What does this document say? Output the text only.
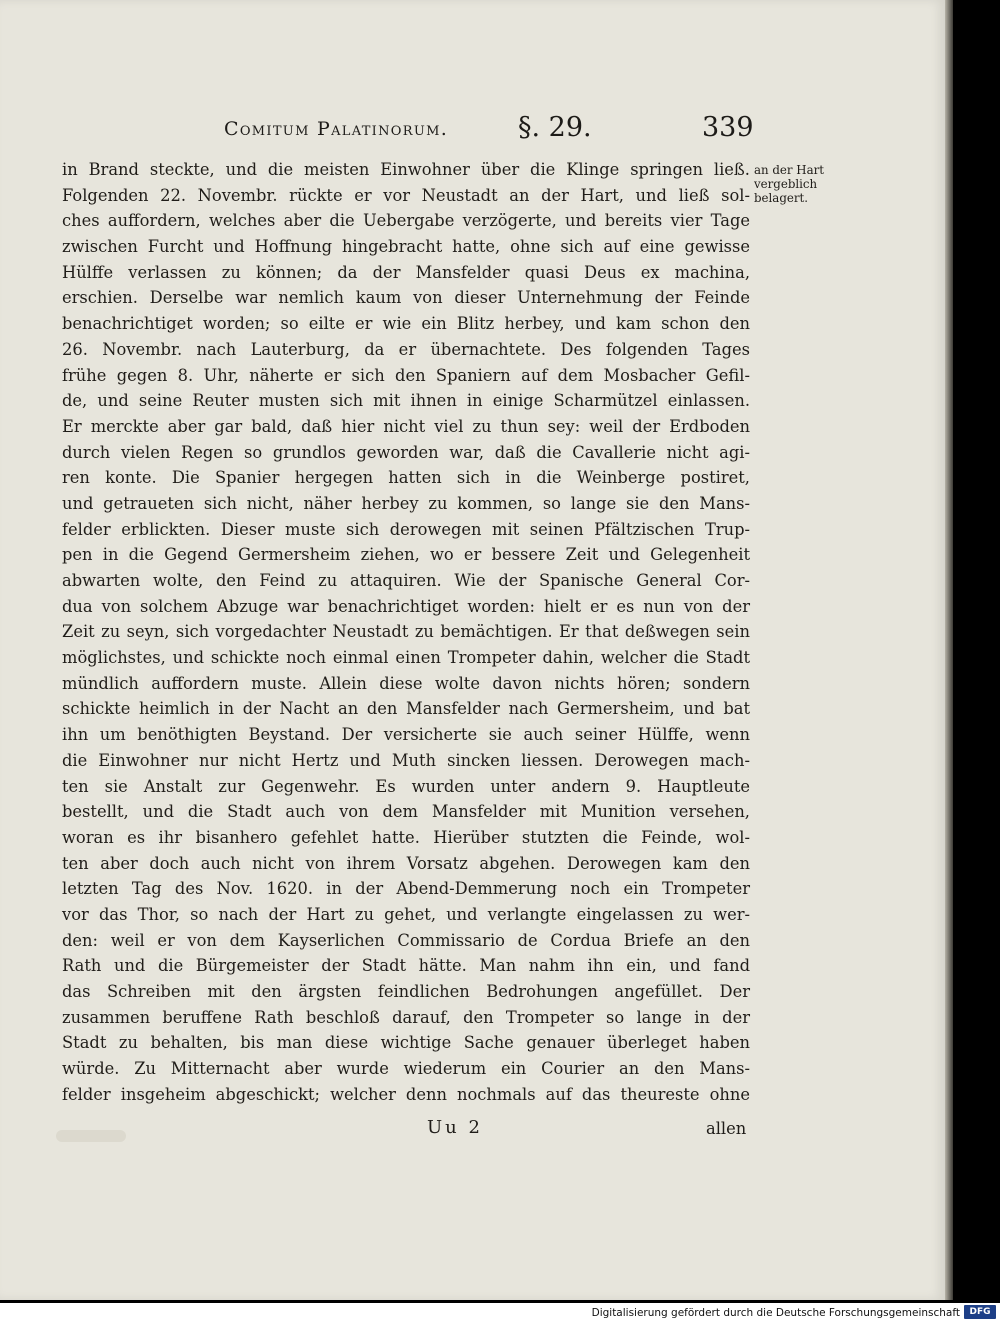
Comitum Palatinorum.	§. 29.	339
in Brand steckte, und die meisten Einwohner über die Klinge springen ließ.
Folgenden 22. Novembr. rückte er vor Neustadt an der Hart, und ließ sol-
ches auffordern, welches aber die Uebergabe verzögerte, und bereits vier Tage
zwischen Furcht und Hoffnung hingebracht hatte, ohne sich auf eine gewisse
Hülffe verlassen zu können; da der Mansfelder quasi Deus ex machina,
erschien. Derselbe war nemlich kaum von dieser Unternehmung der Feinde
benachrichtiget worden; so eilte er wie ein Blitz herbey, und kam schon den
26. Novembr. nach Lauterburg, da er übernachtete. Des folgenden Tages
frühe gegen 8. Uhr, näherte er sich den Spaniern auf dem Mosbacher Gefil-
de, und seine Reuter musten sich mit ihnen in einige Scharmützel einlassen.
Er merckte aber gar bald, daß hier nicht viel zu thun sey: weil der Erdboden
durch vielen Regen so grundlos geworden war, daß die Cavallerie nicht agi-
ren konte. Die Spanier hergegen hatten sich in die Weinberge postiret,
und getraueten sich nicht, näher herbey zu kommen, so lange sie den Mans-
felder erblickten. Dieser muste sich derowegen mit seinen Pfältzischen Trup-
pen in die Gegend Germersheim ziehen, wo er bessere Zeit und Gelegenheit
abwarten wolte, den Feind zu attaquiren. Wie der Spanische General Cor-
dua von solchem Abzuge war benachrichtiget worden: hielt er es nun von der
Zeit zu seyn, sich vorgedachter Neustadt zu bemächtigen. Er that deßwegen sein
möglichstes, und schickte noch einmal einen Trompeter dahin, welcher die Stadt
mündlich auffordern muste. Allein diese wolte davon nichts hören; sondern
schickte heimlich in der Nacht an den Mansfelder nach Germersheim, und bat
ihn um benöthigten Beystand. Der versicherte sie auch seiner Hülffe, wenn
die Einwohner nur nicht Hertz und Muth sincken liessen. Derowegen mach-
ten sie Anstalt zur Gegenwehr. Es wurden unter andern 9. Hauptleute
bestellt, und die Stadt auch von dem Mansfelder mit Munition versehen,
woran es ihr bisanhero gefehlet hatte. Hierüber stutzten die Feinde, wol-
ten aber doch auch nicht von ihrem Vorsatz abgehen. Derowegen kam den
letzten Tag des Nov. 1620. in der Abend-Demmerung noch ein Trompeter
vor das Thor, so nach der Hart zu gehet, und verlangte eingelassen zu wer-
den: weil er von dem Kayserlichen Commissario de Cordua Briefe an den
Rath und die Bürgemeister der Stadt hätte. Man nahm ihn ein, und fand
das Schreiben mit den ärgsten feindlichen Bedrohungen angefüllet. Der
zusammen beruffene Rath beschloß darauf, den Trompeter so lange in der
Stadt zu behalten, bis man diese wichtige Sache genauer überleget haben
würde. Zu Mitternacht aber wurde wiederum ein Courier an den Mans-
felder insgeheim abgeschickt; welcher denn nochmals auf das theureste ohne
an der Hart
vergeblich
belagert.
Uu 2	allen
Digitalisierung gefördert durch die Deutsche Forschungsgemeinschaft	DFG
